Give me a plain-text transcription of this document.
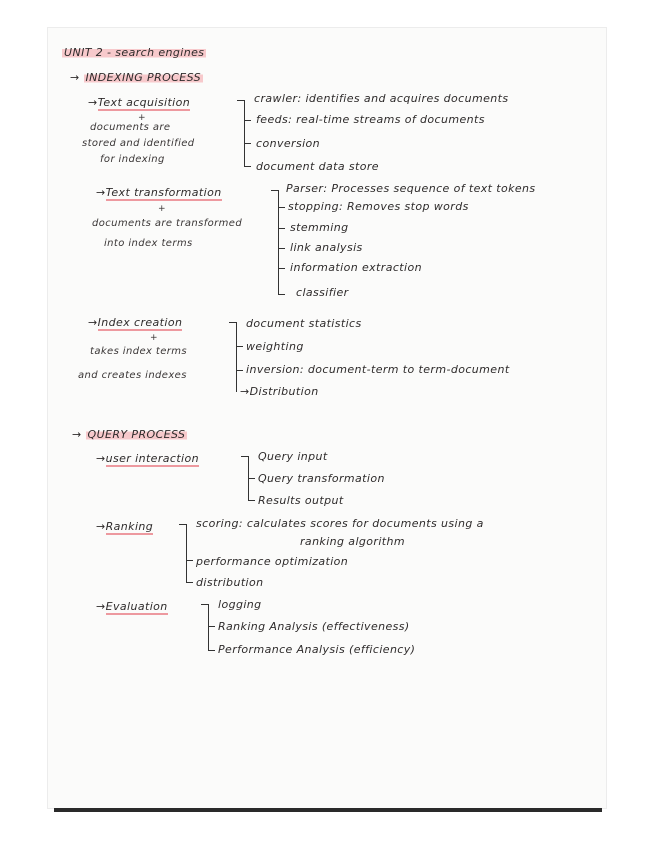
UNIT 2 - search engines
→ INDEXING PROCESS
→Text acquisition
+
documents are
stored and identified
for indexing
crawler: identifies and acquires documents
feeds: real-time streams of documents
conversion
document data store
→Text transformation
+
documents are transformed
into index terms
Parser: Processes sequence of text tokens
stopping: Removes stop words
stemming
link analysis
information extraction
classifier
→Index creation
+
takes index terms
and creates indexes
document statistics
weighting
inversion: document-term to term-document
→Distribution
→ QUERY PROCESS
→user interaction	Query input
Query transformation
Results output
→Ranking	scoring: calculates scores for documents using a
ranking algorithm
performance optimization
distribution
→Evaluation	logging
Ranking Analysis (effectiveness)
Performance Analysis (efficiency)
